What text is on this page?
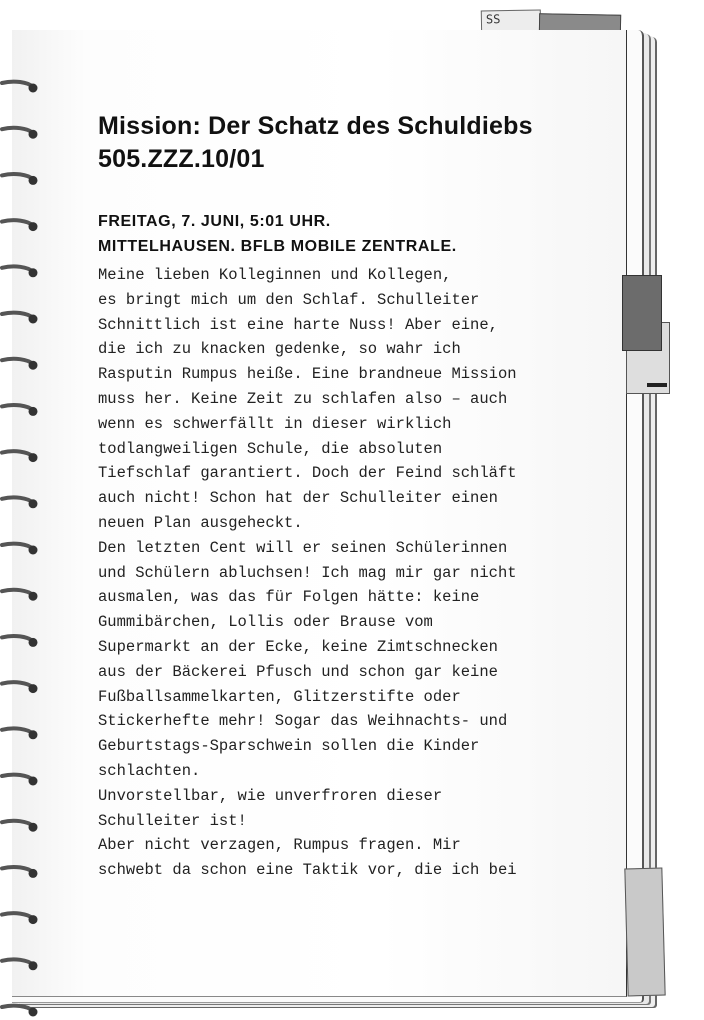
SS
Mission: Der Schatz des Schuldiebs
505.ZZZ.10/01
FREITAG, 7. JUNI, 5:01 UHR.
MITTELHAUSEN. BFLB MOBILE ZENTRALE.
Meine lieben Kolleginnen und Kollegen,
es bringt mich um den Schlaf. Schulleiter
Schnittlich ist eine harte Nuss! Aber eine,
die ich zu knacken gedenke, so wahr ich
Rasputin Rumpus heiße. Eine brandneue Mission
muss her. Keine Zeit zu schlafen also – auch
wenn es schwerfällt in dieser wirklich
todlangweiligen Schule, die absoluten
Tiefschlaf garantiert. Doch der Feind schläft
auch nicht! Schon hat der Schulleiter einen
neuen Plan ausgeheckt.
Den letzten Cent will er seinen Schülerinnen
und Schülern abluchsen! Ich mag mir gar nicht
ausmalen, was das für Folgen hätte: keine
Gummibärchen, Lollis oder Brause vom
Supermarkt an der Ecke, keine Zimtschnecken
aus der Bäckerei Pfusch und schon gar keine
Fußballsammelkarten, Glitzerstifte oder
Stickerhefte mehr! Sogar das Weihnachts- und
Geburtstags-Sparschwein sollen die Kinder
schlachten.
Unvorstellbar, wie unverfroren dieser
Schulleiter ist!
Aber nicht verzagen, Rumpus fragen. Mir
schwebt da schon eine Taktik vor, die ich bei
